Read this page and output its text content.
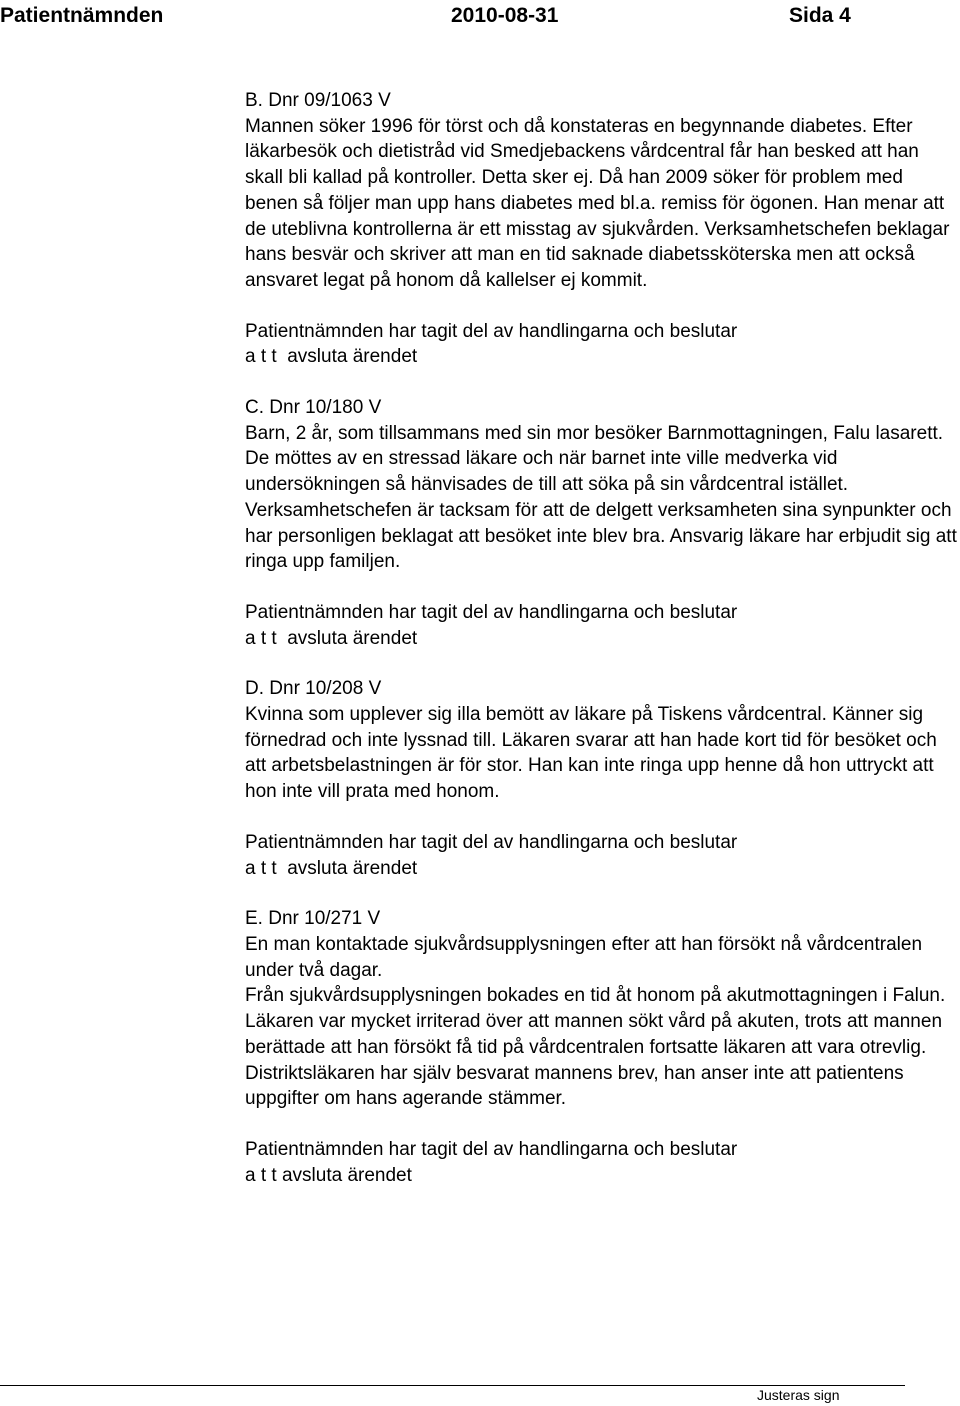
Patientnämnden	2010-08-31	Sida 4

B. Dnr 09/1063 V

Mannen söker 1996 för törst och då konstateras en begynnande diabetes. Efter läkarbesök och dietistråd vid Smedjebackens vårdcentral får han besked att han skall bli kallad på kontroller. Detta sker ej. Då han 2009 söker för problem med benen så följer man upp hans diabetes med bl.a. remiss för ögonen. Han menar att de uteblivna kontrollerna är ett misstag av sjukvården. Verksamhetschefen beklagar hans besvär och skriver att man en tid saknade diabetssköterska men att också ansvaret legat på honom då kallelser ej kommit.

Patientnämnden har tagit del av handlingarna och beslutar

a t t  avsluta ärendet

C. Dnr 10/180 V

Barn, 2 år, som tillsammans med sin mor besöker Barnmottagningen, Falu lasarett. De möttes av en stressad läkare och när barnet inte ville medverka vid undersökningen så hänvisades de till att söka på sin vårdcentral istället. Verksamhetschefen är tacksam för att de delgett verksamheten sina synpunkter och har personligen beklagat att besöket inte blev bra. Ansvarig läkare har erbjudit sig att ringa upp familjen.

Patientnämnden har tagit del av handlingarna och beslutar

a t t  avsluta ärendet

D. Dnr 10/208 V

Kvinna som upplever sig illa bemött av läkare på Tiskens vårdcentral. Känner sig förnedrad och inte lyssnad till. Läkaren svarar att han hade kort tid för besöket och att arbetsbelastningen är för stor. Han kan inte ringa upp henne då hon uttryckt att hon inte vill prata med honom.

Patientnämnden har tagit del av handlingarna och beslutar

a t t  avsluta ärendet

E. Dnr 10/271 V

En man kontaktade sjukvårdsupplysningen efter att han försökt nå vårdcentralen under två dagar.

Från sjukvårdsupplysningen bokades en tid åt honom på akutmottagningen i Falun. Läkaren var mycket irriterad över att mannen sökt vård på akuten, trots att mannen berättade att han försökt få tid på vårdcentralen fortsatte läkaren att vara otrevlig.

Distriktsläkaren har själv besvarat mannens brev, han anser inte att patientens uppgifter om hans agerande stämmer.

Patientnämnden har tagit del av handlingarna och beslutar

a t t avsluta ärendet

Justeras sign
